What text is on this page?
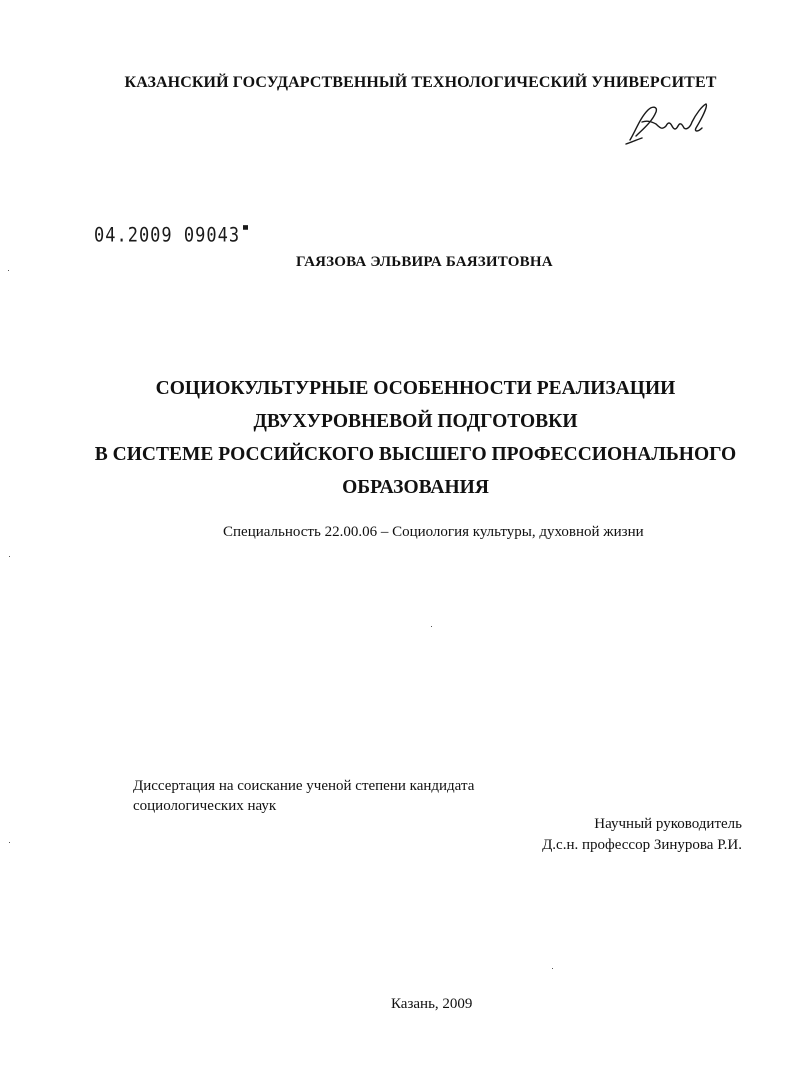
КАЗАНСКИЙ ГОСУДАРСТВЕННЫЙ ТЕХНОЛОГИЧЕСКИЙ УНИВЕРСИТЕТ
04.2009 09043
ГАЯЗОВА ЭЛЬВИРА БАЯЗИТОВНА
СОЦИОКУЛЬТУРНЫЕ ОСОБЕННОСТИ РЕАЛИЗАЦИИ
ДВУХУРОВНЕВОЙ ПОДГОТОВКИ
В СИСТЕМЕ РОССИЙСКОГО ВЫСШЕГО ПРОФЕССИОНАЛЬНОГО
ОБРАЗОВАНИЯ
Специальность 22.00.06 – Социология культуры, духовной жизни
Диссертация на соискание ученой степени кандидата
социологических наук
Научный руководитель
Д.с.н. профессор Зинурова Р.И.
Казань, 2009
